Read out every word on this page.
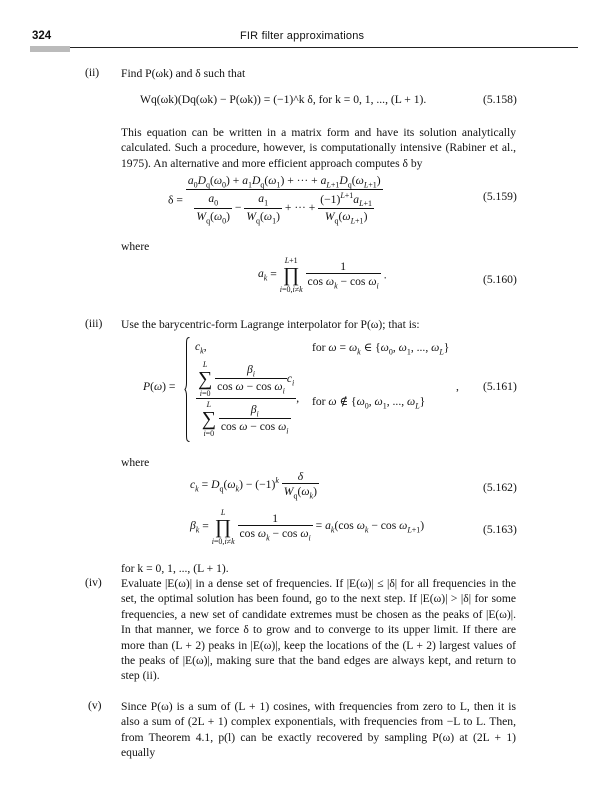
324	FIR filter approximations
(ii) Find P(ωk) and δ such that
Wq(ωk)(Dq(ωk) − P(ωk)) = (−1)^k δ, for k = 0, 1, ..., (L + 1).	(5.158)
This equation can be written in a matrix form and have its solution analytically calculated. Such a procedure, however, is computationally intensive (Rabiner et al., 1975). An alternative and more efficient approach computes δ by
δ =
$a_0D_q(\omega_0) + a_1D_q(\omega_1)$ + ··· + $a_{L+1}D_q(\omega_{L+1})$
$\frac{a_0}{W_q(\omega_0)} - \frac{a_1}{W_q(\omega_1)}$ + ··· + $\frac{(-1)^{L+1}a_{L+1}}{W_q(\omega_{L+1})}$	(5.159)
where
$a_k$ =
L+1
∏
i=0,i≠k
$\frac{1}{\cos \omega_k - \cos \omega_i}$ .	(5.160)
(iii) Use the barycentric-form Lagrange interpolator for P(ω); that is:
P(ω) =
$c_k$,	for $\omega = \omega_k$ ∈ {$\omega_0$, $\omega_1$, ..., $\omega_L$}
L
∑
i=0
$\frac{\beta_i}{\cos \omega - \cos \omega_i} c_i$
L
∑
i=0
$\frac{\beta_i}{\cos \omega - \cos \omega_i}$ , for ω ∉ {$\omega_0$, $\omega_1$, ..., $\omega_L$}
, (5.161)
where
$c_k = D_q(\omega_k) - (-1)^k \frac{\delta}{W_q(\omega_k)}$	(5.162)
$\beta_k$ =
L
∏
i=0,i≠k
$\frac{1}{\cos \omega_k - \cos \omega_i} = a_k(\cos$ $\omega_k - \cos \omega_{L+1}$)	(5.163)
for k = 0, 1, ..., (L + 1).
(iv) Evaluate |E(ω)| in a dense set of frequencies. If |E(ω)| ≤ |δ| for all frequencies in the set, the optimal solution has been found, go to the next step. If |E(ω)| > |δ| for some frequencies, a new set of candidate extremes must be chosen as the peaks of |E(ω)|. In that manner, we force δ to grow and to converge to its upper limit. If there are more than (L + 2) peaks in |E(ω)|, keep the locations of the (L + 2) largest values of the peaks of |E(ω)|, making sure that the band edges are always kept, and return to step (ii).
(v) Since P(ω) is a sum of (L + 1) cosines, with frequencies from zero to L, then it is also a sum of (2L + 1) complex exponentials, with frequencies from −L to L. Then, from Theorem 4.1, p(l) can be exactly recovered by sampling P(ω) at (2L + 1) equally
